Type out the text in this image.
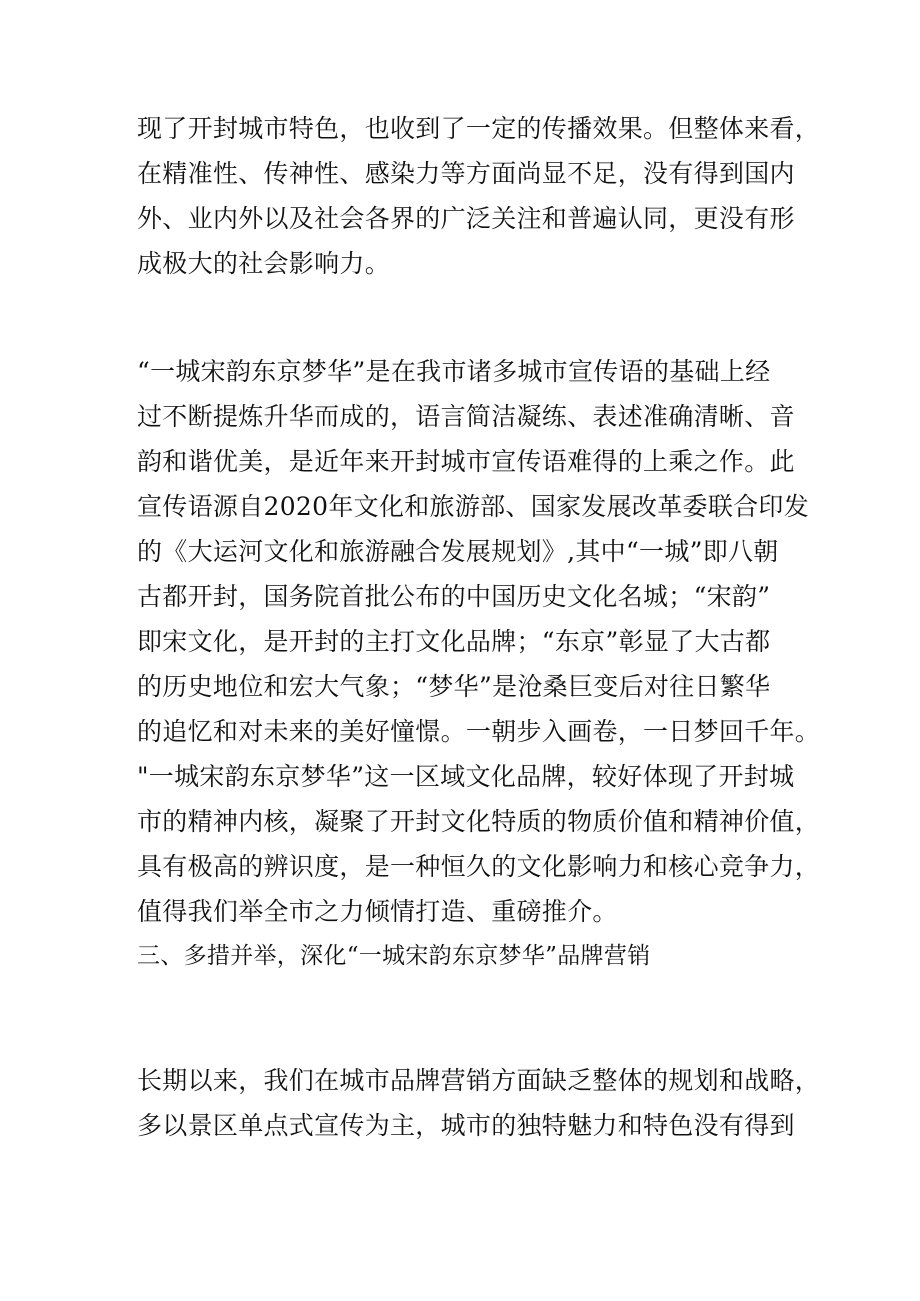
现了开封城市特色，也收到了一定的传播效果。但整体来看，
在精准性、传神性、感染力等方面尚显不足，没有得到国内
外、业内外以及社会各界的广泛关注和普遍认同，更没有形
成极大的社会影响力。
“一城宋韵东京梦华”是在我市诸多城市宣传语的基础上经
过不断提炼升华而成的，语言简洁凝练、表述准确清晰、音
韵和谐优美，是近年来开封城市宣传语难得的上乘之作。此
宣传语源自2020年文化和旅游部、国家发展改革委联合印发
的《大运河文化和旅游融合发展规划》,其中“一城”即八朝
古都开封，国务院首批公布的中国历史文化名城；“宋韵”
即宋文化，是开封的主打文化品牌；“东京”彰显了大古都
的历史地位和宏大气象；“梦华”是沧桑巨变后对往日繁华
的追忆和对未来的美好憧憬。一朝步入画卷，一日梦回千年。
"一城宋韵东京梦华”这一区域文化品牌，较好体现了开封城
市的精神内核，凝聚了开封文化特质的物质价值和精神价值，
具有极高的辨识度，是一种恒久的文化影响力和核心竞争力，
值得我们举全市之力倾情打造、重磅推介。
三、多措并举，深化“一城宋韵东京梦华”品牌营销
长期以来，我们在城市品牌营销方面缺乏整体的规划和战略，
多以景区单点式宣传为主，城市的独特魅力和特色没有得到
